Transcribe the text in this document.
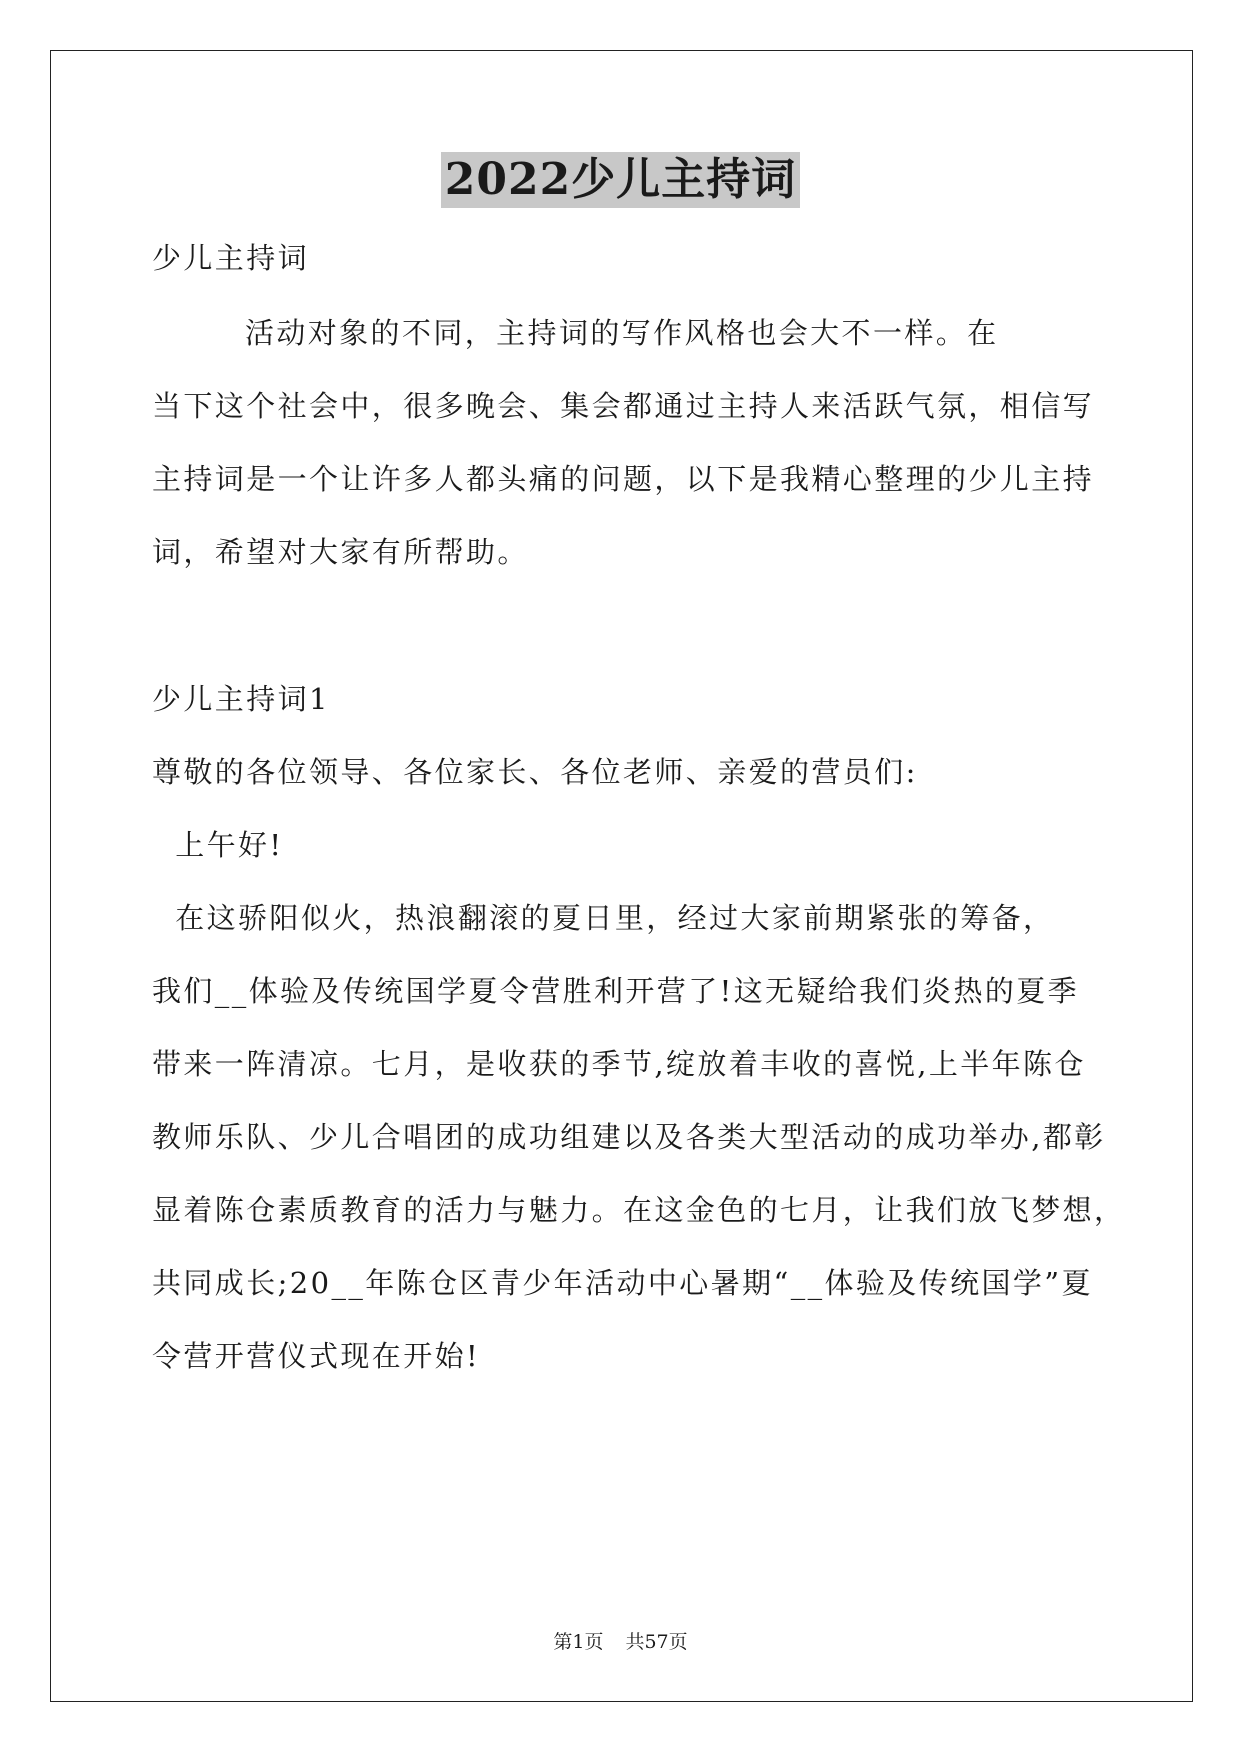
2022少儿主持词
少儿主持词
活动对象的不同，主持词的写作风格也会大不一样。在
当下这个社会中，很多晚会、集会都通过主持人来活跃气氛，相信写
主持词是一个让许多人都头痛的问题，以下是我精心整理的少儿主持
词，希望对大家有所帮助。
少儿主持词1
尊敬的各位领导、各位家长、各位老师、亲爱的营员们:
上午好!
在这骄阳似火，热浪翻滚的夏日里，经过大家前期紧张的筹备，
我们__体验及传统国学夏令营胜利开营了!这无疑给我们炎热的夏季
带来一阵清凉。七月，是收获的季节,绽放着丰收的喜悦,上半年陈仓
教师乐队、少儿合唱团的成功组建以及各类大型活动的成功举办,都彰
显着陈仓素质教育的活力与魅力。在这金色的七月，让我们放飞梦想，
共同成长;20__年陈仓区青少年活动中心暑期“__体验及传统国学”夏
令营开营仪式现在开始!
第1页 共57页
